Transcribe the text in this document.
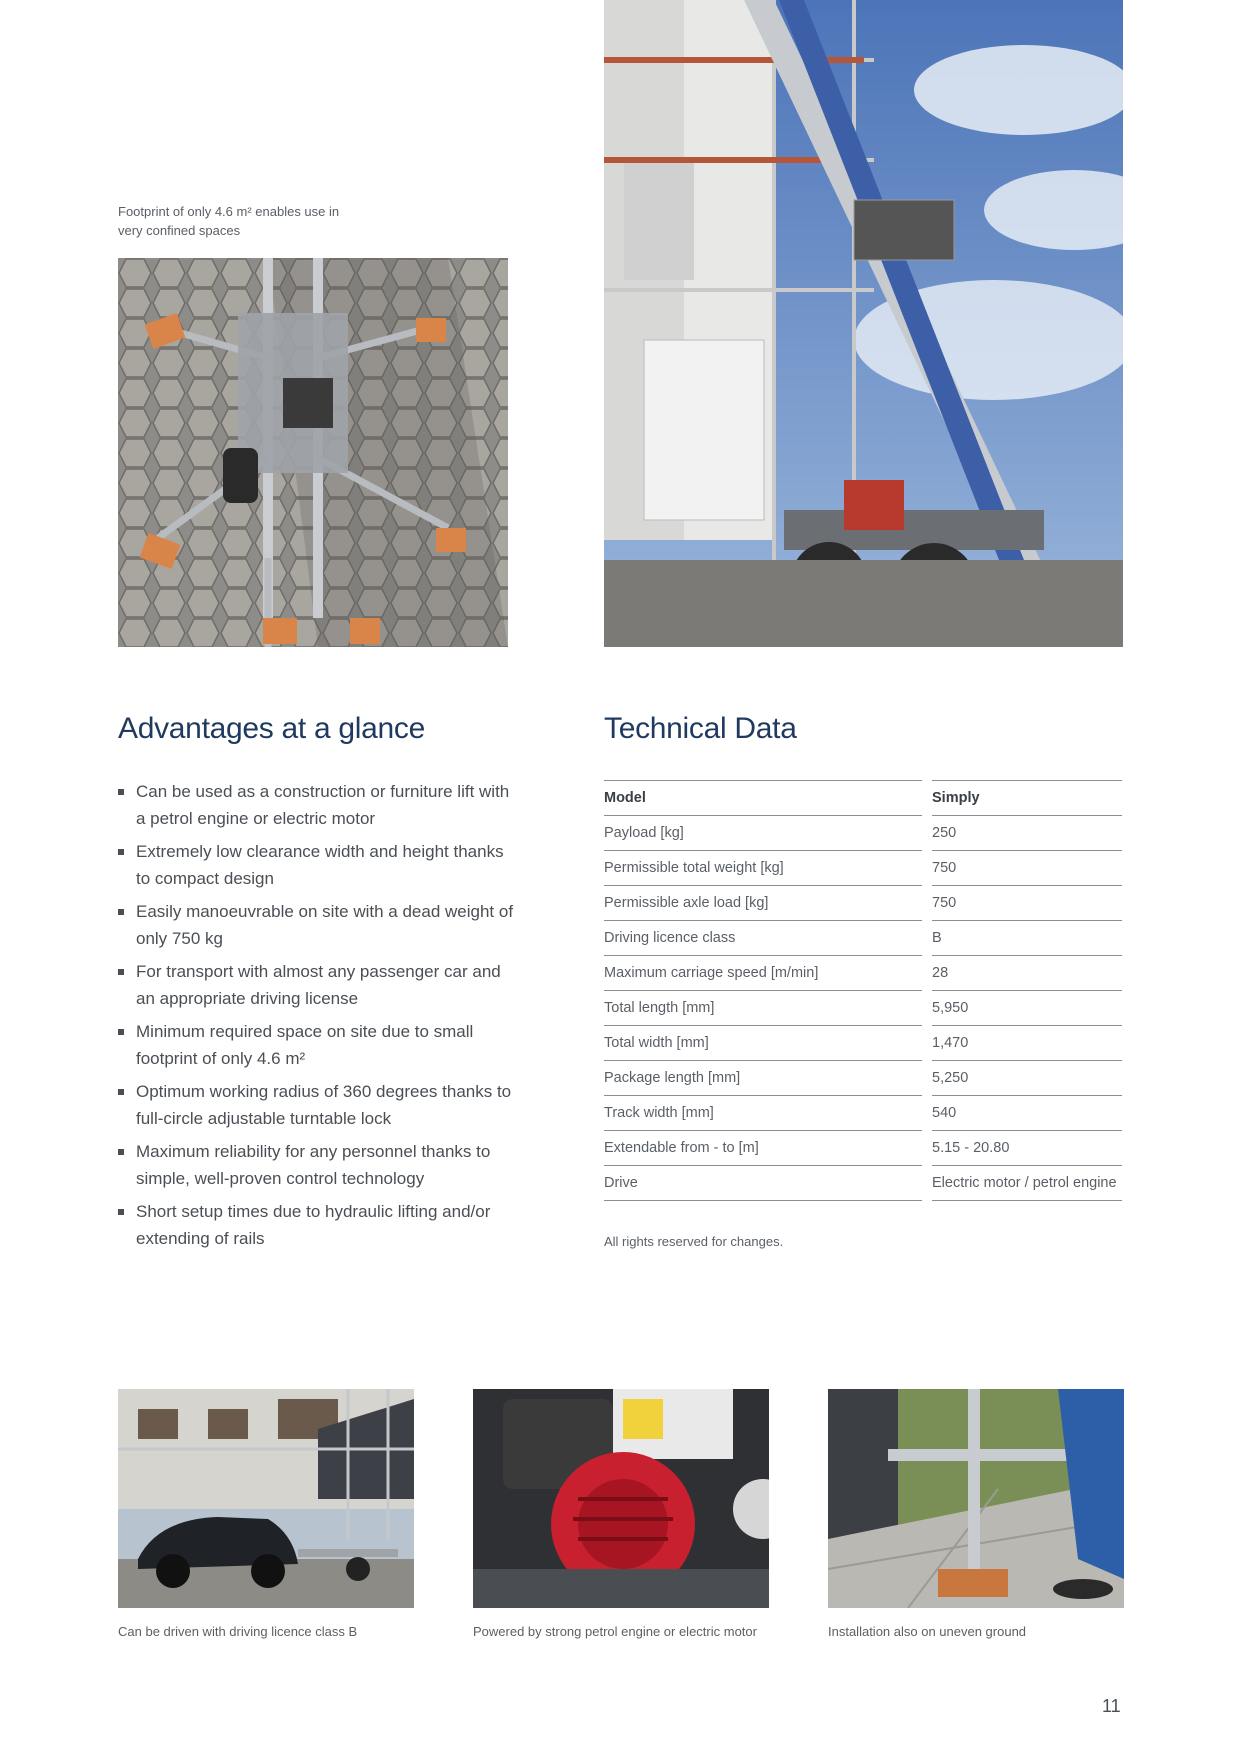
Footprint of only 4.6 m² enables use in
very confined spaces
Advantages at a glance
Can be used as a construction or furniture lift with a petrol engine or electric motor
Extremely low clearance width and height thanks to compact design
Easily manoeuvrable on site with a dead weight of only 750 kg
For transport with almost any passenger car and an appropriate driving license
Minimum required space on site due to small footprint of only 4.6 m²
Optimum working radius of 360 degrees thanks to full-circle adjustable turntable lock
Maximum reliability for any personnel thanks to simple, well-proven control technology
Short setup times due to hydraulic lifting and/or extending of rails
Technical Data
Model		Simply
Payload [kg]		250
Permissible total weight [kg]		750
Permissible axle load [kg]		750
Driving licence class		B
Maximum carriage speed [m/min]		28
Total length [mm]		5,950
Total width [mm]		1,470
Package length [mm]		5,250
Track width [mm]		540
Extendable from - to [m]		5.15 - 20.80
Drive		Electric motor / petrol engine
All rights reserved for changes.
Can be driven with driving licence class B	Powered by strong petrol engine or electric motor	Installation also on uneven ground
11
